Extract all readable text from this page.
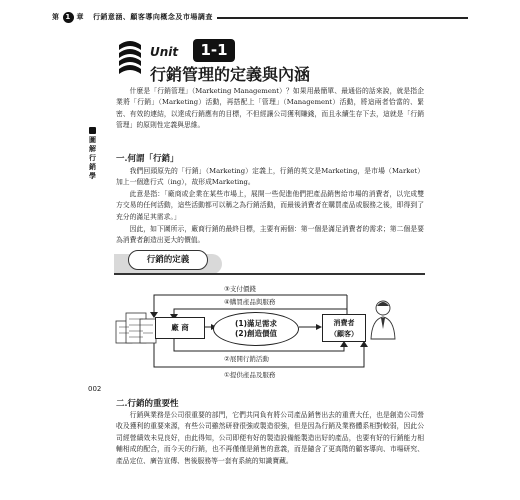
第 1 章 行銷意涵、顧客導向概念及市場調查
Unit	1-1
行銷管理的定義與內涵
圖
解
行
銷
學
002
什麼是「行銷管理」（Marketing Management）？如果用最簡單、最通俗的話來說，就是指企業將「行銷」（Marketing）活動，再搭配上「管理」（Management）活動，將這兩者恰當的、緊密、有效的連結，以達成行銷應有的目標，不但經讓公司獲利賺錢，而且永續生存下去，這就是「行銷管理」的原則性定義與思維。
一.何謂「行銷」
我們回頭原先的「行銷」（Marketing）定義上，行銷的英文是Marketing，是市場（Market）加上一個進行式（ing），故形成Marketing。
此意是指：「廠商或企業在某些市場上，展開一些促進他們把產品銷售給市場的消費者，以完成雙方交易的任何活動，這些活動都可以稱之為行銷活動，而最後消費者在購買產品或服務之後，即得到了充分的滿足其需求。」
因此，如下圖所示，廠商行銷的最終目標，主要有兩個：第一個是滿足消費者的需求；第二個是要為消費者創造出更大的價值。
行銷的定義
③支付價錢
④購買產品與服務
廠 商	(1)滿足需求
(2)創造價值
消費者
（顧客）
②展開行銷活動
①提供產品及服務
二.行銷的重要性
行銷與業務是公司很重要的部門，它們共同負有將公司產品銷售出去的重責大任，也是創造公司營收及獲利的重要來源，有些公司雖然研發很強或製造很強，但是因為行銷及業務體系相對較弱，因此公司經營績效未見良好，由此得知，公司即便有好的製造設備能製造出好的產品，也要有好的行銷能力相輔相成的配合，而今天的行銷，也不再僅僅是銷售的意義，而是隨含了更高階的顧客導向、市場研究、產品定位、廣告宣傳、售後服務等一套有系統的知識寶藏。
